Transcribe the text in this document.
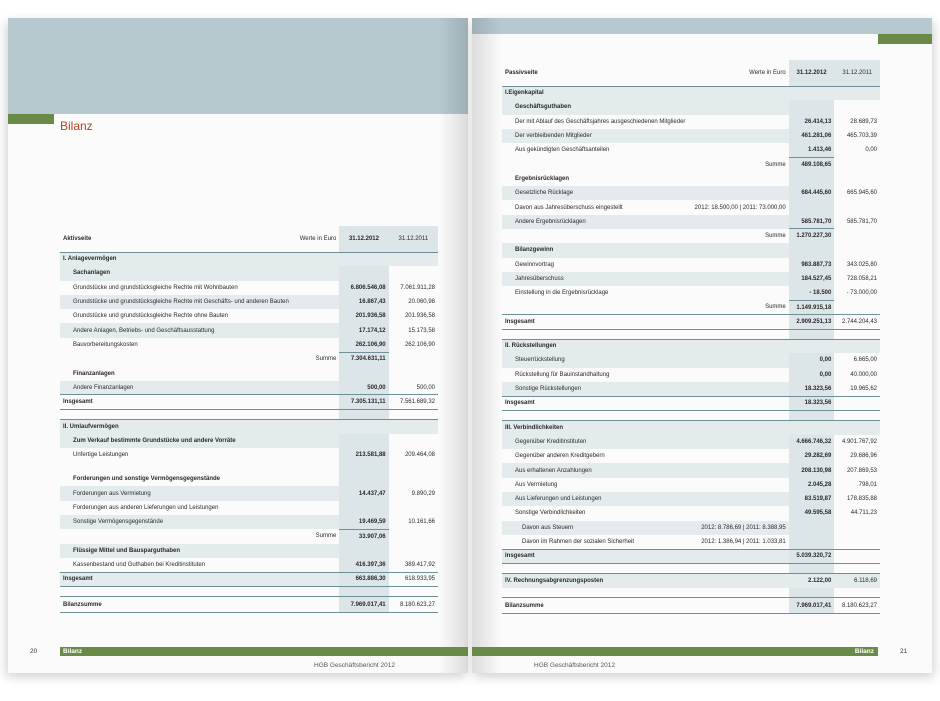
Bilanz
Aktivseite	Werte in Euro	31.12.2012	31.12.2011
I. Anlagevermögen			
Sachanlagen			
Grundstücke und grundstücksgleiche Rechte mit Wohnbauten		6.806.546,08	7.061.911,28
Grundstücke und grundstücksgleiche Rechte mit Geschäfts- und anderen Bauten		16.867,43	20.060,98
Grundstücke und grundstücksgleiche Rechte ohne Bauten		201.936,58	201.936,58
Andere Anlagen, Betriebs- und Geschäftsausstattung		17.174,12	15.173,58
Bauvorbereitungskosten		262.106,90	262.106,90
	Summe	7.304.631,11	
Finanzanlagen			
Andere Finanzanlagen		500,00	500,00
Insgesamt		7.305.131,11	7.561.689,32

II. Umlaufvermögen			
Zum Verkauf bestimmte Grundstücke und andere Vorräte			
Unfertige Leistungen		213.581,88	209.464,08

Forderungen und sonstige Vermögensgegenstände			
Forderungen aus Vermietung		14.437,47	9.890,29
Forderungen aus anderen Lieferungen und Leistungen			
Sonstige Vermögensgegenstände		19.469,59	10.161,66
	Summe	33.907,06	
Flüssige Mittel und Bausparguthaben			
Kassenbestand und Guthaben bei Kreditinstituten		416.397,36	389.417,92
Insgesamt		663.886,30	618.933,95

Bilanzsumme		7.969.017,41	8.180.623,27
Bilanz
20
HGB Geschäftsbericht 2012
Passivseite	Werte in Euro	31.12.2012	31.12.2011
I.Eigenkapital			
Geschäftsguthaben			
Der mit Ablauf des Geschäftsjahres ausgeschiedenen Mitglieder		26.414,13	28.689,73
Der verbleibenden Mitglieder		461.281,06	465.703,39
Aus gekündigten Geschäftsanteilen		1.413,46	0,00
	Summe	489.108,65	
Ergebnisrücklagen			
Gesetzliche Rücklage		684.445,60	665.945,60
Davon aus Jahresüberschuss eingestellt	2012: 18.500,00 | 2011: 73.000,00		
Andere Ergebnisrücklagen		585.781,70	585.781,70
	Summe	1.270.227,30	
Bilanzgewinn			
Gewinnvortrag		983.887,73	343.025,80
Jahresüberschuss		184.527,45	728.058,21
Einstellung in die Ergebnisrücklage		- 18.500	- 73.000,00
	Summe	1.149.915,18	
Insgesamt		2.909.251,13	2.744.204,43

II. Rückstellungen			
Steuerrückstellung		0,00	6.665,00
Rückstellung für Bauinstandhaltung		0,00	40.000,00
Sonstige Rückstellungen		18.323,56	19.965,62
Insgesamt		18.323,56	

III. Verbindlichkeiten			
Gegenüber Kreditinstituten		4.666.746,32	4.901.767,92
Gegenüber anderen Kreditgebern		29.282,69	29.686,96
Aus erhaltenen Anzahlungen		208.130,98	207.869,53
Aus Vermietung		2.045,28	798,01
Aus Lieferungen und Leistungen		83.519,87	178.835,88
Sonstige Verbindlichkeiten		49.595,58	44.711,23
Davon aus Steuern	2012: 8.786,69 | 2011: 8.388,95		
Davon im Rahmen der sozialen Sicherheit	2012: 1.386,94 | 2011: 1.033,81		
Insgesamt		5.039.320,72	

IV. Rechnungsabgrenzungsposten		2.122,00	6.118,69

Bilanzsumme		7.969.017,41	8.180.623,27
Bilanz	21
HGB Geschäftsbericht 2012
